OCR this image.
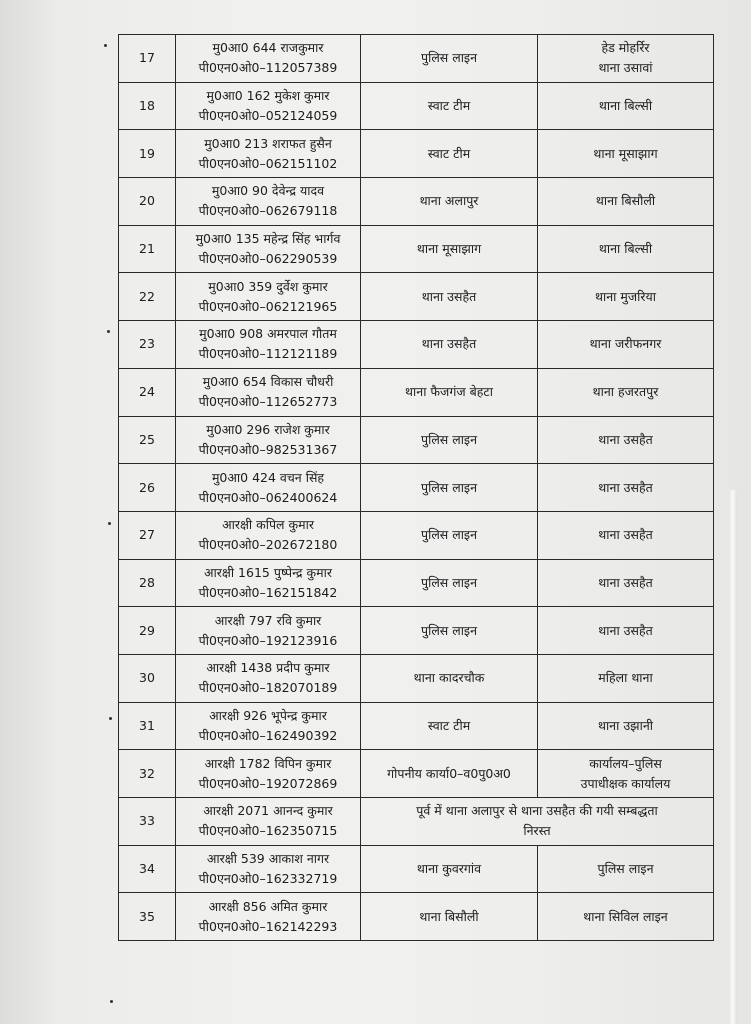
17	मु0आ0 644 राजकुमार
पी0एन0ओ0–112057389	पुलिस लाइन	हेड मोहर्रिर
थाना उसावां

18	मु0आ0 162 मुकेश कुमार
पी0एन0ओ0–052124059	स्वाट टीम	थाना बिल्सी

19	मु0आ0 213 शराफत हुसैन
पी0एन0ओ0–062151102	स्वाट टीम	थाना मूसाझाग

20	मु0आ0 90 देवेन्द्र यादव
पी0एन0ओ0–062679118	थाना अलापुर	थाना बिसौली

21	मु0आ0 135 महेन्द्र सिंह भार्गव
पी0एन0ओ0–062290539	थाना मूसाझाग	थाना बिल्सी

22	मु0आ0 359 दुर्वेश कुमार
पी0एन0ओ0–062121965	थाना उसहैत	थाना मुजरिया

23	मु0आ0 908 अमरपाल गौतम
पी0एन0ओ0–112121189	थाना उसहैत	थाना जरीफनगर

24	मु0आ0 654 विकास चौधरी
पी0एन0ओ0–112652773	थाना फैजगंज बेहटा	थाना हजरतपुर

25	मु0आ0 296 राजेश कुमार
पी0एन0ओ0–982531367	पुलिस लाइन	थाना उसहैत

26	मु0आ0 424 वचन सिंह
पी0एन0ओ0–062400624	पुलिस लाइन	थाना उसहैत

27	आरक्षी कपिल कुमार
पी0एन0ओ0–202672180	पुलिस लाइन	थाना उसहैत

28	आरक्षी 1615 पुष्पेन्द्र कुमार
पी0एन0ओ0–162151842	पुलिस लाइन	थाना उसहैत

29	आरक्षी 797 रवि कुमार
पी0एन0ओ0–192123916	पुलिस लाइन	थाना उसहैत

30	आरक्षी 1438 प्रदीप कुमार
पी0एन0ओ0–182070189	थाना कादरचौक	महिला थाना

31	आरक्षी 926 भूपेन्द्र कुमार
पी0एन0ओ0–162490392	स्वाट टीम	थाना उझानी

32	आरक्षी 1782 विपिन कुमार
पी0एन0ओ0–192072869	गोपनीय कार्या0–व0पु0अ0	कार्यालय–पुलिस
उपाधीक्षक कार्यालय

33	आरक्षी 2071 आनन्द कुमार
पी0एन0ओ0–162350715	पूर्व में थाना अलापुर से थाना उसहैत की गयी सम्बद्धता
निरस्त	

34	आरक्षी 539 आकाश नागर
पी0एन0ओ0–162332719	थाना कुवरगांव	पुलिस लाइन

35	आरक्षी 856 अमित कुमार
पी0एन0ओ0–162142293	थाना बिसौली	थाना सिविल लाइन
